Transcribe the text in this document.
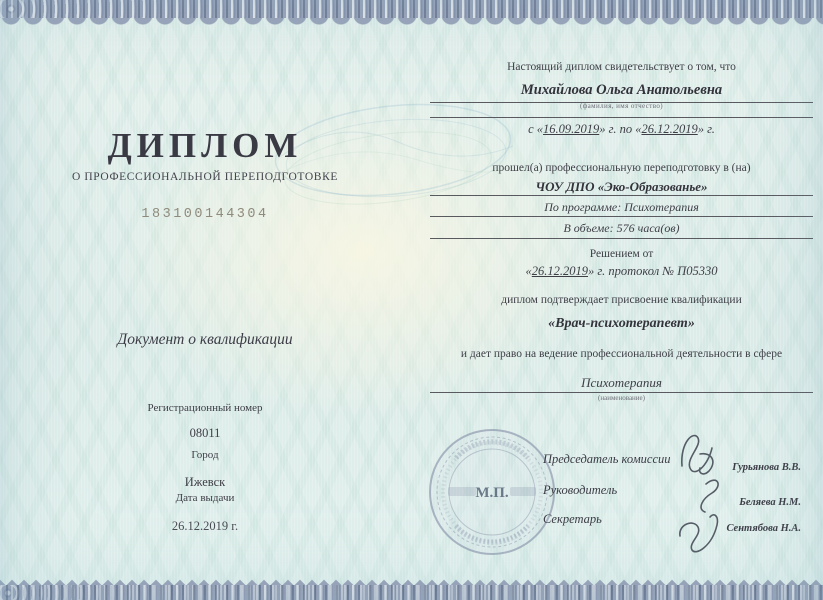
ДИПЛОМ
О ПРОФЕССИОНАЛЬНОЙ ПЕРЕПОДГОТОВКЕ
183100144304
Документ о квалификации
Регистрационный номер
08011
Город
Ижевск
Дата выдачи
26.12.2019 г.
Настоящий диплом свидетельствует о том, что
Михайлова Ольга Анатольевна
(фамилия, имя отчество)
с «16.09.2019» г. по «26.12.2019» г.
прошел(а) профессиональную переподготовку в (на)
ЧОУ ДПО «Эко-Образованье»
По программе: Психотерапия
В объеме: 576 часа(ов)
Решением от
«26.12.2019» г. протокол № П05330
диплом подтверждает присвоение квалификации
«Врач-психотерапевт»
и дает право на ведение профессиональной деятельности в сфере
Психотерапия
(наименование)
М.П.
Председатель комиссии
Руководитель
Секретарь
Гурьянова В.В.
Беляева Н.М.
Сентябова Н.А.
